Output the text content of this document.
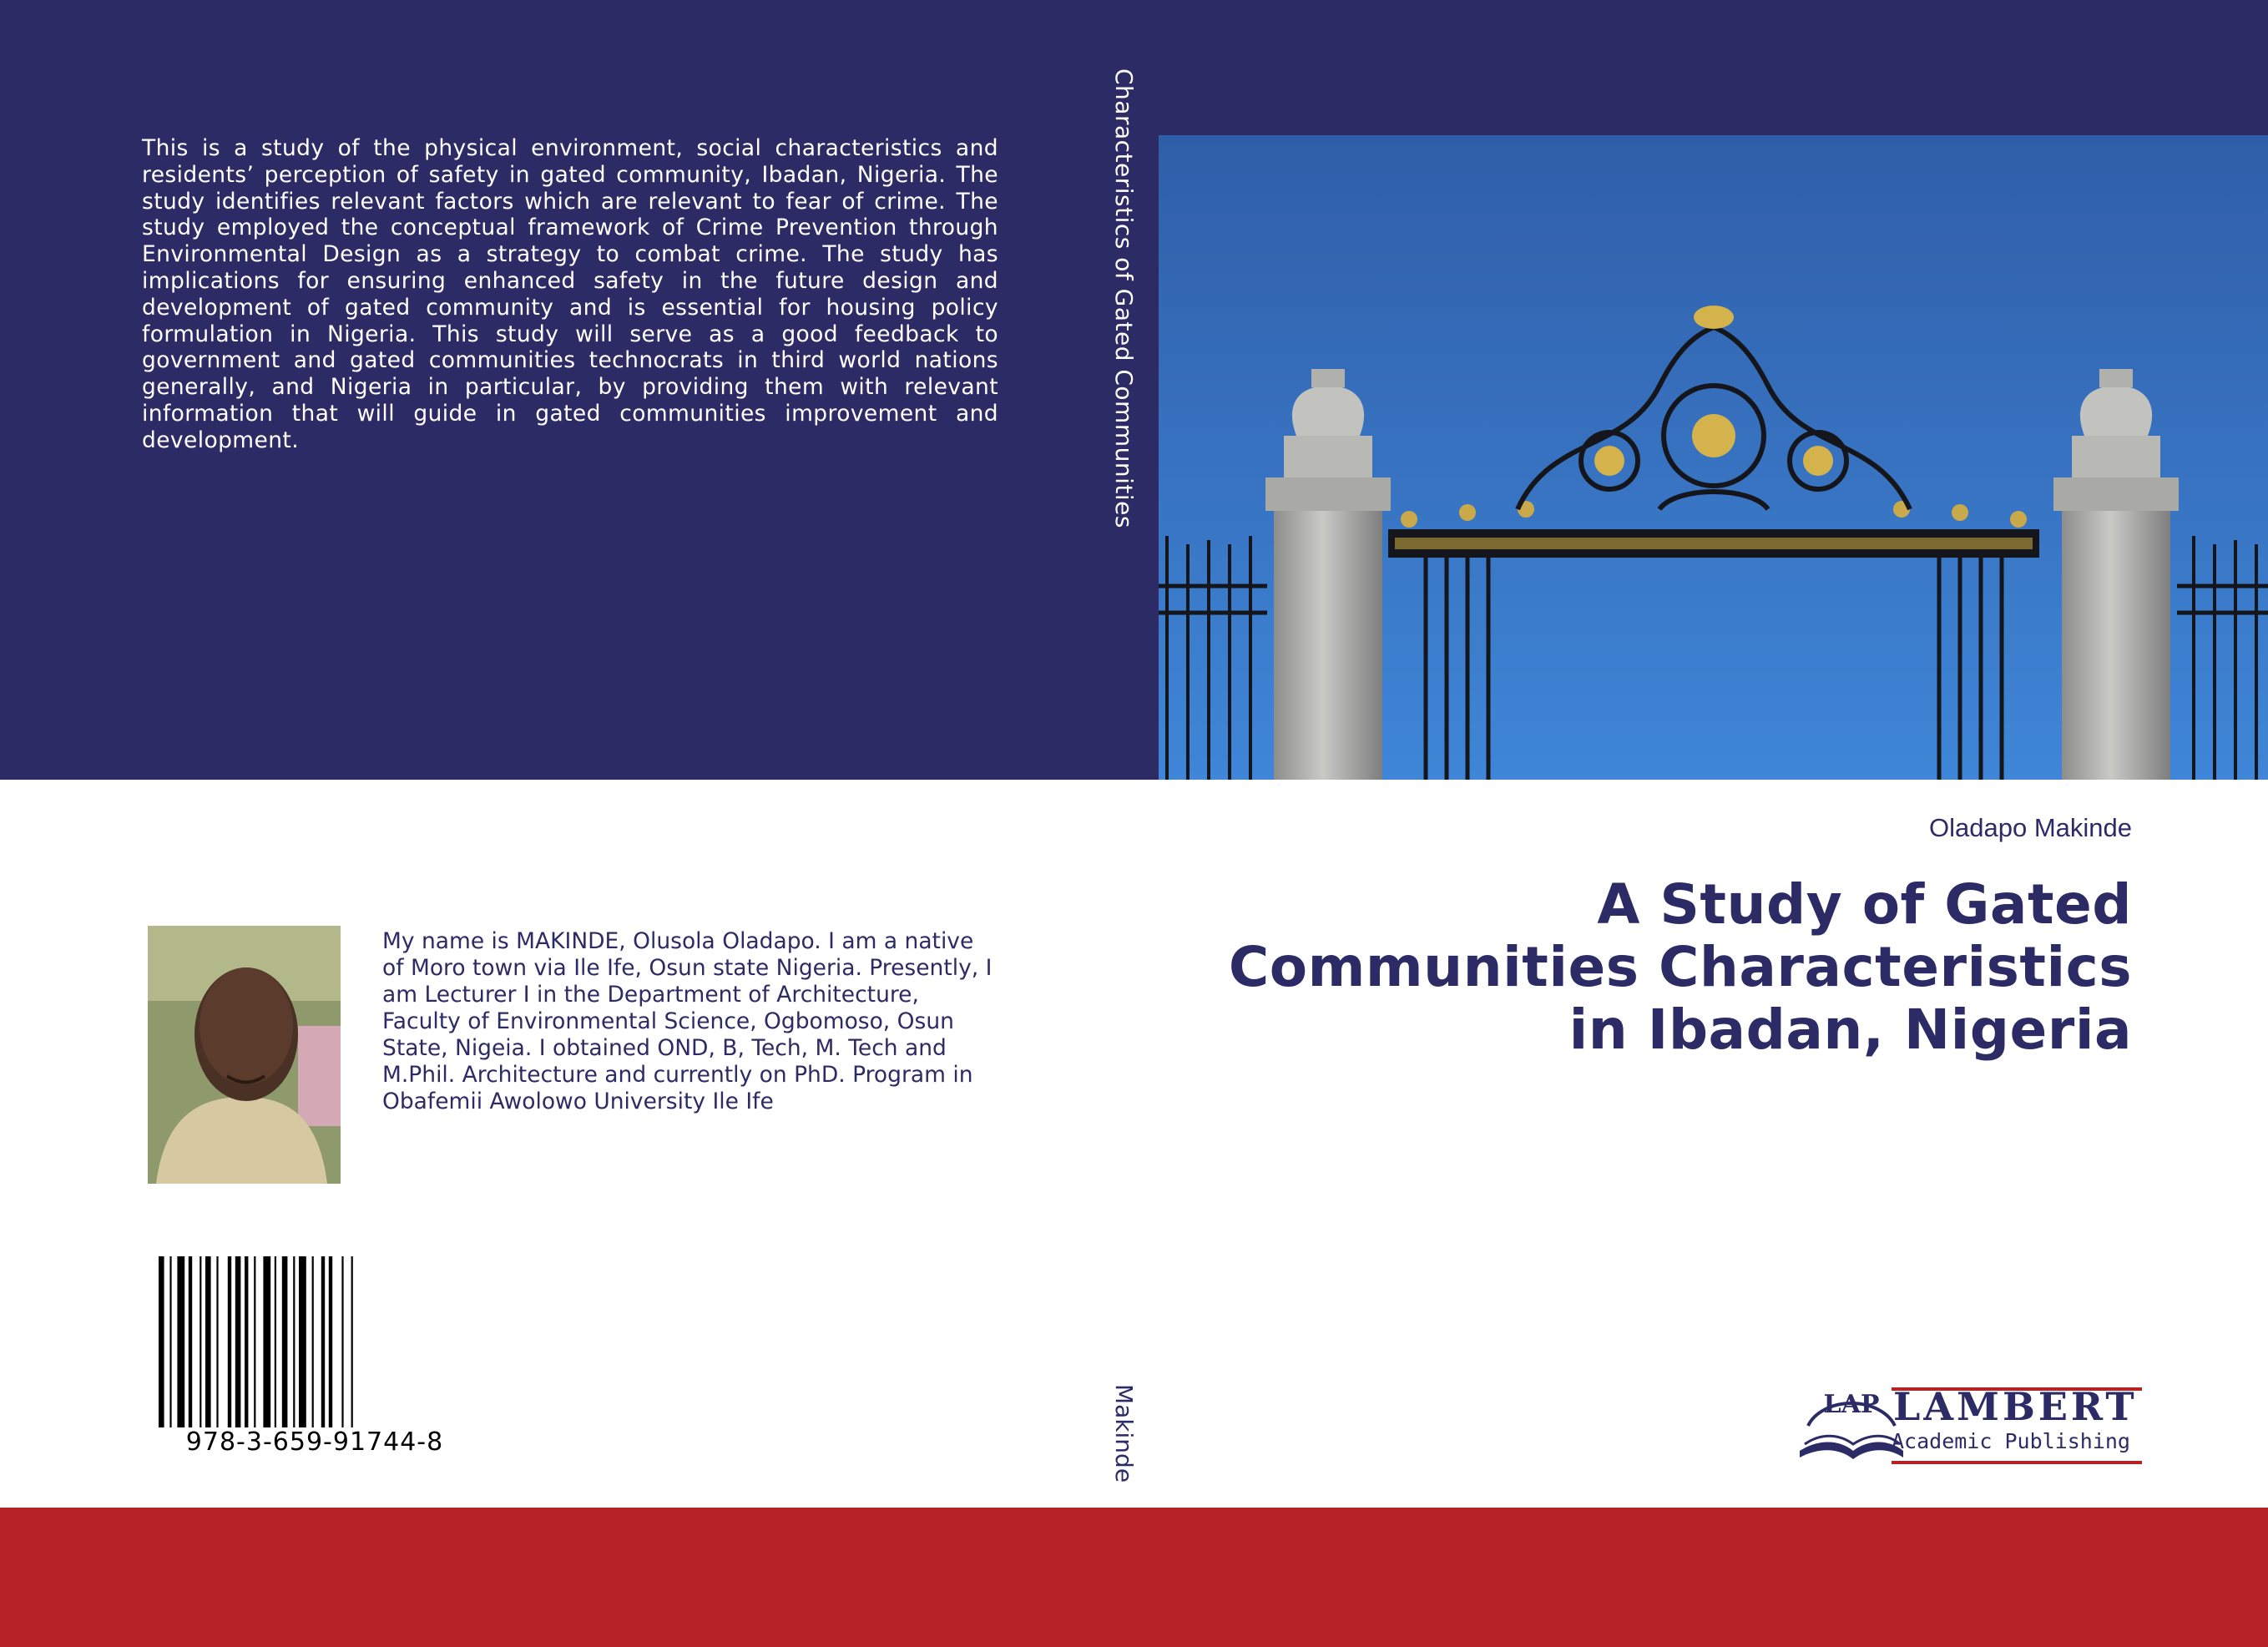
This is a study of the physical environment, social characteristics and residents’ perception of safety in gated community, Ibadan, Nigeria. The study identifies relevant factors which are relevant to fear of crime. The study employed the conceptual framework of Crime Prevention through Environmental Design as a strategy to combat crime. The study has implications for ensuring enhanced safety in the future design and development of gated community and is essential for housing policy formulation in Nigeria. This study will serve as a good feedback to government and gated communities technocrats in third world nations generally, and Nigeria in particular, by providing them with relevant information that will guide in gated communities improvement and development.	Characteristics of Gated Communities
Makinde
Oladapo Makinde
A Study of Gated
Communities Characteristics
in Ibadan, Nigeria
My name is MAKINDE, Olusola Oladapo. I am a native of Moro town via Ile Ife, Osun state Nigeria. Presently, I am Lecturer I in the Department of Architecture, Faculty of Environmental Science, Ogbomoso, Osun State, Nigeia. I obtained OND, B, Tech, M. Tech and M.Phil. Architecture and currently on PhD. Program in Obafemii Awolowo University Ile Ife
978-3-659-91744-8
LAP LAMBERT
Academic Publishing
